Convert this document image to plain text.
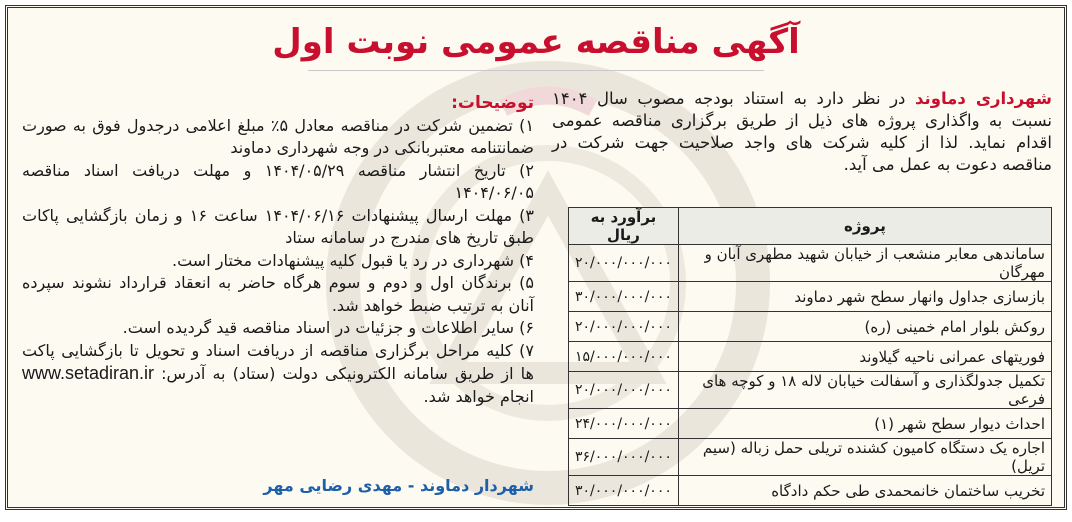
آگهی مناقصه عمومی نوبت اول
شهرداری دماوند در نظر دارد به استناد بودجه مصوب سال ۱۴۰۴ نسبت به واگذاری پروژه های ذیل از طریق برگزاری مناقصه عمومی اقدام نماید. لذا از کلیه شرکت های واجد صلاحیت جهت شرکت در مناقصه دعوت به عمل می آید.
پروژه	برآورد به ریال
ساماندهی معابر منشعب از خیابان شهید مطهری آبان و مهرگان	۲۰/۰۰۰/۰۰۰/۰۰۰
بازسازی جداول وانهار سطح شهر دماوند	۳۰/۰۰۰/۰۰۰/۰۰۰
روکش بلوار امام خمینی (ره)	۲۰/۰۰۰/۰۰۰/۰۰۰
فوریتهای عمرانی ناحیه گیلاوند	۱۵/۰۰۰/۰۰۰/۰۰۰
تکمیل جدولگذاری و آسفالت خیابان لاله ۱۸ و کوچه های فرعی	۲۰/۰۰۰/۰۰۰/۰۰۰
احداث دیوار سطح شهر (۱)	۲۴/۰۰۰/۰۰۰/۰۰۰
اجاره یک دستگاه کامیون کشنده تریلی حمل زباله (سیم تریل)	۳۶/۰۰۰/۰۰۰/۰۰۰
تخریب ساختمان خانمحمدی طی حکم دادگاه	۳۰/۰۰۰/۰۰۰/۰۰۰
توضیحات:

۱) تضمین شرکت در مناقصه معادل ۵٪ مبلغ اعلامی درجدول فوق به صورت ضمانتنامه معتبربانکی در وجه شهرداری دماوند

۲) تاریخ انتشار مناقصه ۱۴۰۴/۰۵/۲۹ و مهلت دریافت اسناد مناقصه ۱۴۰۴/۰۶/۰۵

۳) مهلت ارسال پیشنهادات ۱۴۰۴/۰۶/۱۶ ساعت ۱۶ و زمان بازگشایی پاکات طبق تاریخ های مندرج در سامانه ستاد

۴) شهرداری در رد یا قبول کلیه پیشنهادات مختار است.

۵) برندگان اول و دوم و سوم هرگاه حاضر به انعقاد قرارداد نشوند سپرده آنان به ترتیب ضبط خواهد شد.

۶) سایر اطلاعات و جزئیات در اسناد مناقصه قید گردیده است.

۷) کلیه مراحل برگزاری مناقصه از دریافت اسناد و تحویل تا بازگشایی پاکت ها از طریق سامانه الکترونیکی دولت (ستاد) به آدرس: www.setadiran.ir انجام خواهد شد.

شهردار دماوند - مهدی رضایی مهر
